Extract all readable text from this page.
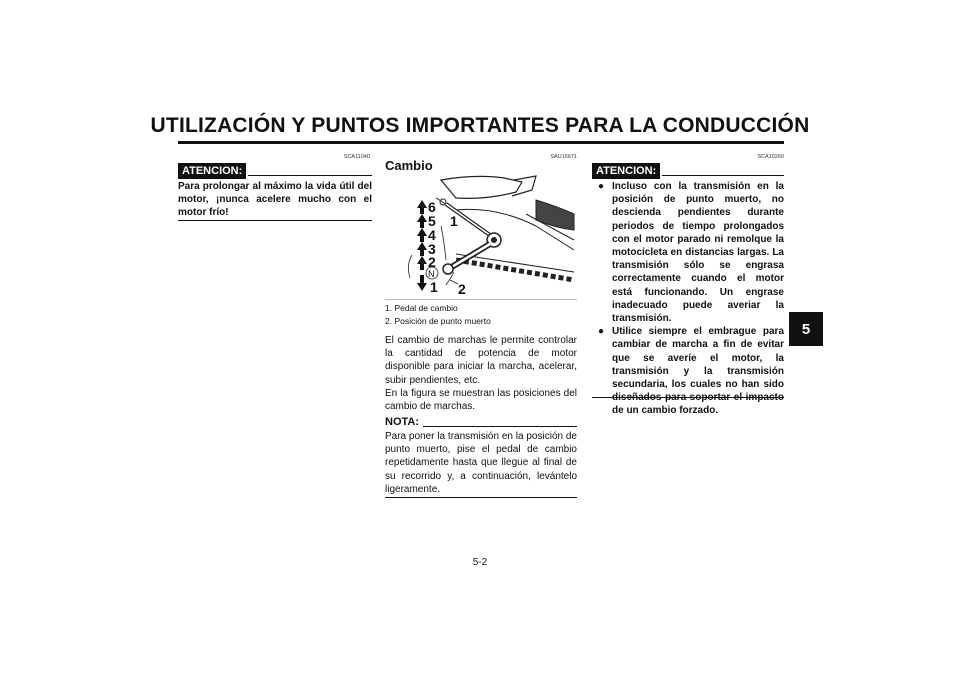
UTILIZACIÓN Y PUNTOS IMPORTANTES PARA LA CONDUCCIÓN
SCA11040
ATENCION:
Para prolongar al máximo la vida útil del motor, ¡nunca acelere mucho con el motor frío!
SAU16671
Cambio
6
5
4
3
2
N
1
1
2
1. Pedal de cambio
2. Posición de punto muerto
El cambio de marchas le permite controlar la cantidad de potencia de motor disponible para iniciar la marcha, acelerar, subir pendientes, etc.
En la figura se muestran las posiciones del cambio de marchas.
NOTA:
Para poner la transmisión en la posición de punto muerto, pise el pedal de cambio repetidamente hasta que llegue al final de su recorrido y, a continuación, levántelo ligeramente.
SCA10260
ATENCION:
● Incluso con la transmisión en la posición de punto muerto, no descienda pendientes durante periodos de tiempo prolongados con el motor parado ni remolque la motocicleta en distancias largas. La transmisión sólo se engrasa correctamente cuando el motor está funcionando. Un engrase inadecuado puede averiar la transmisión.
● Utilice siempre el embrague para cambiar de marcha a fin de evitar que se averíe el motor, la transmisión y la transmisión secundaria, los cuales no han sido de un cambio forzado.
5
5-2
